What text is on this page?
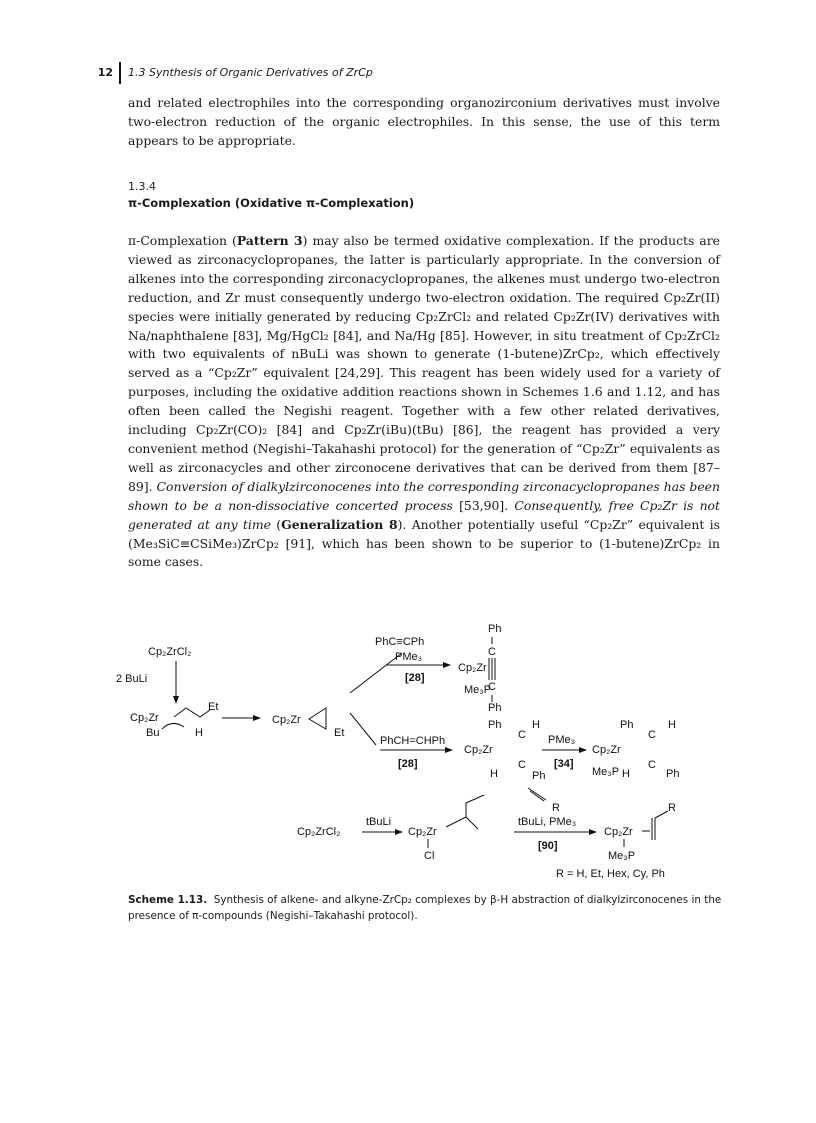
12 1.3 Synthesis of Organic Derivatives of ZrCp

and related electrophiles into the corresponding organozirconium derivatives must involve two-electron reduction of the organic electrophiles. In this sense, the use of this term appears to be appropriate.

1.3.4
π-Complexation (Oxidative π-Complexation)

π-Complexation (Pattern 3) may also be termed oxidative complexation. If the products are viewed as zirconacyclopropanes, the latter is particularly appropriate. In the conversion of alkenes into the corresponding zirconacyclopropanes, the alkenes must undergo two-electron reduction, and Zr must consequently undergo two-electron oxidation. The required Cp₂Zr(II) species were initially generated by reducing Cp₂ZrCl₂ and related Cp₂Zr(IV) derivatives with Na/naphthalene [83], Mg/HgCl₂ [84], and Na/Hg [85]. However, in situ treatment of Cp₂ZrCl₂ with two equivalents of nBuLi was shown to generate (1-butene)ZrCp₂, which effectively served as a “Cp₂Zr” equivalent [24,29]. This reagent has been widely used for a variety of purposes, including the oxidative addition reactions shown in Schemes 1.6 and 1.12, and has often been called the Negishi reagent. Together with a few other related derivatives, including Cp₂Zr(CO)₂ [84] and Cp₂Zr(iBu)(tBu) [86], the reagent has provided a very convenient method (Negishi–Takahashi protocol) for the generation of “Cp₂Zr” equivalents as well as zirconacycles and other zirconocene derivatives that can be derived from them [87–89]. Conversion of dialkylzirconocenes into the corresponding zirconacyclopropanes has been shown to be a non-dissociative concerted process [53,90]. Consequently, free Cp₂Zr is not generated at any time (Generalization 8). Another potentially useful “Cp₂Zr” equivalent is (Me₃SiC≡CSiMe₃)ZrCp₂ [91], which has been shown to be superior to (1-butene)ZrCp₂ in some cases.

Cp₂ZrCl₂
2 BuLi
Cp₂Zr
Bu	H
Et
Cp₂Zr
Et
PhC≡CPh
PMe₃
[28]
Ph
C
Cp₂Zr
C
Me₃P
Ph
PhCH=CHPh
[28]
Ph	H
C
Cp₂Zr
C
H	Ph
PMe₃
[34]
Ph	H
C
Cp₂Zr
C
Me₃P H	Ph
Cp₂ZrCl₂
tBuLi
Cp₂Zr
Cl
R
tBuLi, PMe₃
[90]
Cp₂Zr
R
Me₃P
R = H, Et, Hex, Cy, Ph

Scheme 1.13. Synthesis of alkene- and alkyne-ZrCp₂ complexes by β-H abstraction of dialkylzirconocenes in the presence of π-compounds (Negishi–Takahashi protocol).
